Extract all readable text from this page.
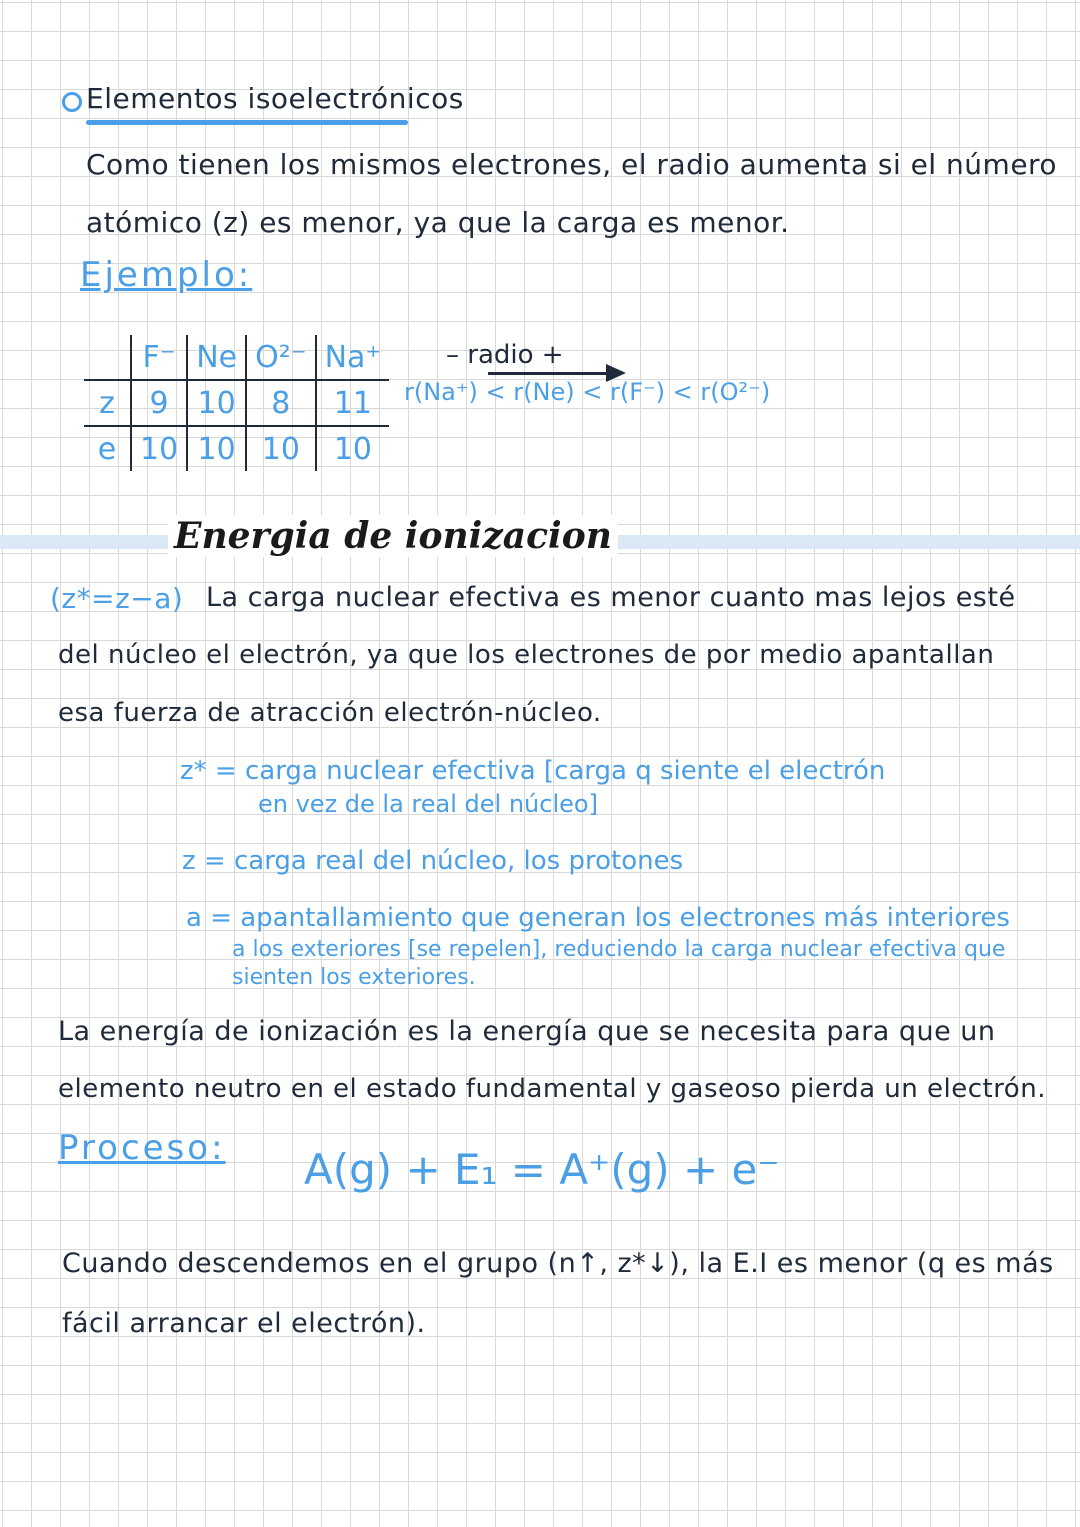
Elementos isoelectrónicos
Como tienen los mismos electrones, el radio aumenta si el número
atómico (z) es menor, ya que la carga es menor.
Ejemplo:
	F⁻	Ne	O²⁻	Na⁺
z	9	10	8	11
e	10	10	10	10
– radio +
r(Na⁺) < r(Ne) < r(F⁻) < r(O²⁻)
Energia de ionizacion
(z*=z−a) La carga nuclear efectiva es menor cuanto mas lejos esté
del núcleo el electrón, ya que los electrones de por medio apantallan
esa fuerza de atracción electrón-núcleo.
z* = carga nuclear efectiva [carga q siente el electrón
en vez de la real del núcleo]
z = carga real del núcleo, los protones
a = apantallamiento que generan los electrones más interiores
a los exteriores [se repelen], reduciendo la carga nuclear efectiva que
sienten los exteriores.
La energía de ionización es la energía que se necesita para que un
elemento neutro en el estado fundamental y gaseoso pierda un electrón.
Proceso: A(g) + E₁ = A⁺(g) + e⁻
Cuando descendemos en el grupo (n↑, z*↓), la E.I es menor (q es más
fácil arrancar el electrón).
